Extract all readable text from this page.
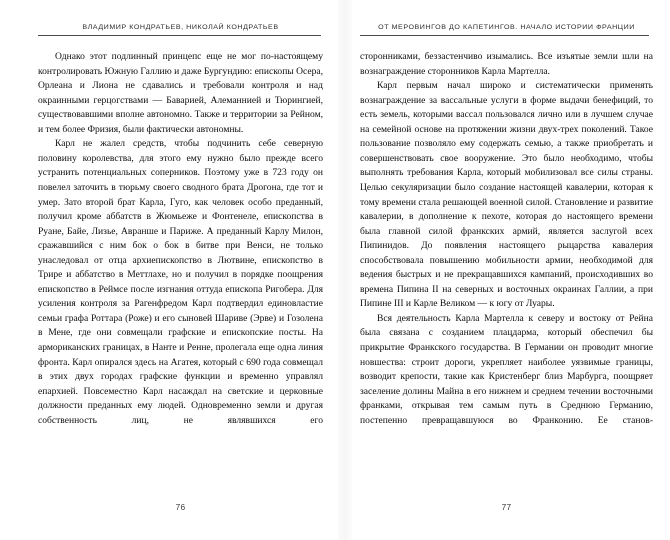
ВЛАДИМИР КОНДРАТЬЕВ, НИКОЛАЙ КОНДРАТЬЕВ

Однако этот подлинный принцепс еще не мог по-настоящему контролировать Южную Галлию и даже Бургундию: епископы Осера, Орлеана и Лиона не сдавались и требовали контроля и над окраинными герцогствами — Баварией, Алеманнией и Тюрингией, существовавшими вполне автономно. Также и территории за Рейном, и тем более Фризия, были фактически автономны.

Карл не жалел средств, чтобы подчинить себе северную половину королевства, для этого ему нужно было прежде всего устранить потенциальных соперников. Поэтому уже в 723 году он повелел заточить в тюрьму своего сводного брата Дрогона, где тот и умер. Зато второй брат Карла, Гуго, как человек особо преданный, получил кроме аббатств в Жюмьеже и Фонтенеле, епископства в Руане, Байе, Лизье, Авранше и Париже. А преданный Карлу Милон, сражавшийся с ним бок о бок в битве при Венси, не только унаследовал от отца архиепископство в Лютвине, епископство в Трире и аббатство в Меттлахе, но и получил в порядке поощрения епископство в Реймсе после изгнания оттуда епископа Ригобера. Для усиления контроля за Рагенфредом Карл подтвердил единовластие семьи графа Роттара (Роже) и его сыновей Шариве (Эрве) и Гозолена в Мене, где они совмещали графские и епископские посты. На армориканских границах, в Нанте и Ренне, пролегала еще одна линия фронта. Карл опирался здесь на Агатея, который с 690 года совмещал в этих двух городах графские функции и временно управлял епархией. Повсеместно Карл насаждал на светские и церковные должности преданных ему людей. Одновременно земли и другая собственность лиц, не являвшихся его

76
ОТ МЕРОВИНГОВ ДО КАПЕТИНГОВ. НАЧАЛО ИСТОРИИ ФРАНЦИИ

сторонниками, беззастенчиво изымались. Все изъятые земли шли на вознаграждение сторонников Карла Мартелла.

Карл первым начал широко и систематически применять вознаграждение за вассальные услуги в форме выдачи бенефиций, то есть земель, которыми вассал пользовался лично или в лучшем случае на семейной основе на протяжении жизни двух-трех поколений. Такое пользование позволяло ему содержать семью, а также приобретать и совершенствовать свое вооружение. Это было необходимо, чтобы выполнять требования Карла, который мобилизовал все силы страны. Целью секуляризации было создание настоящей кавалерии, которая к тому времени стала решающей военной силой. Становление и развитие кавалерии, в дополнение к пехоте, которая до настоящего времени была главной силой франкских армий, является заслугой всех Пипинидов. До появления настоящего рыцарства кавалерия способствовала повышению мобильности армии, необходимой для ведения быстрых и не прекращавшихся кампаний, происходивших во времена Пипина II на северных и восточных окраинах Галлии, а при Пипине III и Карле Великом — к югу от Луары.

Вся деятельность Карла Мартелла к северу и востоку от Рейна была связана с созданием плацдарма, который обеспечил бы прикрытие Франкского государства. В Германии он проводит многие новшества: строит дороги, укрепляет наиболее уязвимые границы, возводит крепости, такие как Кристенберг близ Марбурга, поощряет заселение долины Майна в его нижнем и среднем течении восточными франками, открывая тем самым путь в Среднюю Германию, постепенно превращавшуюся во Франконию. Ее станов-

77
